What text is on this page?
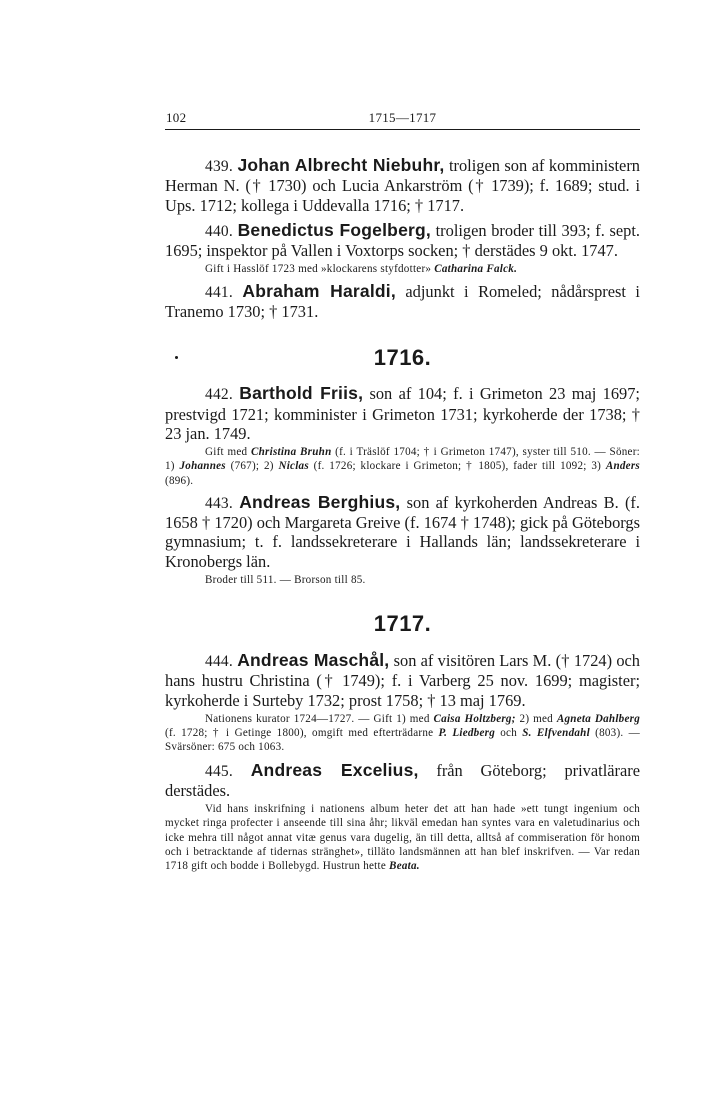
102	1715—1717

439. Johan Albrecht Niebuhr, troligen son af komministern Herman N. († 1730) och Lucia Ankarström († 1739); f. 1689; stud. i Ups. 1712; kollega i Uddevalla 1716; † 1717.

440. Benedictus Fogelberg, troligen broder till 393; f. sept. 1695; inspektor på Vallen i Voxtorps socken; † derstädes 9 okt. 1747.

Gift i Hasslöf 1723 med »klockarens styfdotter» Catharina Falck.

441. Abraham Haraldi, adjunkt i Romeled; nådårsprest i Tranemo 1730; † 1731.

1716.

442. Barthold Friis, son af 104; f. i Grimeton 23 maj 1697; prestvigd 1721; komminister i Grimeton 1731; kyrkoherde der 1738; † 23 jan. 1749.

Gift med Christina Bruhn (f. i Träslöf 1704; † i Grimeton 1747), syster till 510. — Söner: 1) Johannes (767); 2) Niclas (f. 1726; klockare i Grimeton; † 1805), fader till 1092; 3) Anders (896).

443. Andreas Berghius, son af kyrkoherden Andreas B. (f. 1658 † 1720) och Margareta Greive (f. 1674 † 1748); gick på Göteborgs gymnasium; t. f. landssekreterare i Hallands län; landssekreterare i Kronobergs län.

Broder till 511. — Brorson till 85.

1717.

444. Andreas Maschål, son af visitören Lars M. († 1724) och hans hustru Christina († 1749); f. i Varberg 25 nov. 1699; magister; kyrkoherde i Surteby 1732; prost 1758; † 13 maj 1769.

Nationens kurator 1724—1727. — Gift 1) med Caisa Holtzberg; 2) med Agneta Dahlberg (f. 1728; † i Getinge 1800), omgift med efterträdarne P. Liedberg och S. Elfvendahl (803). — Svärsöner: 675 och 1063.

445. Andreas Excelius, från Göteborg; privatlärare derstädes.

Vid hans inskrifning i nationens album heter det att han hade »ett tungt ingenium och mycket ringa profecter i anseende till sina åhr; likväl emedan han syntes vara en valetudinarius och icke mehra till något annat vitæ genus vara dugelig, än till detta, alltså af commiseration för honom och i betracktande af tidernas stränghet», tilläto landsmännen att han blef inskrifven. — Var redan 1718 gift och bodde i Bollebygd. Hustrun hette Beata.
